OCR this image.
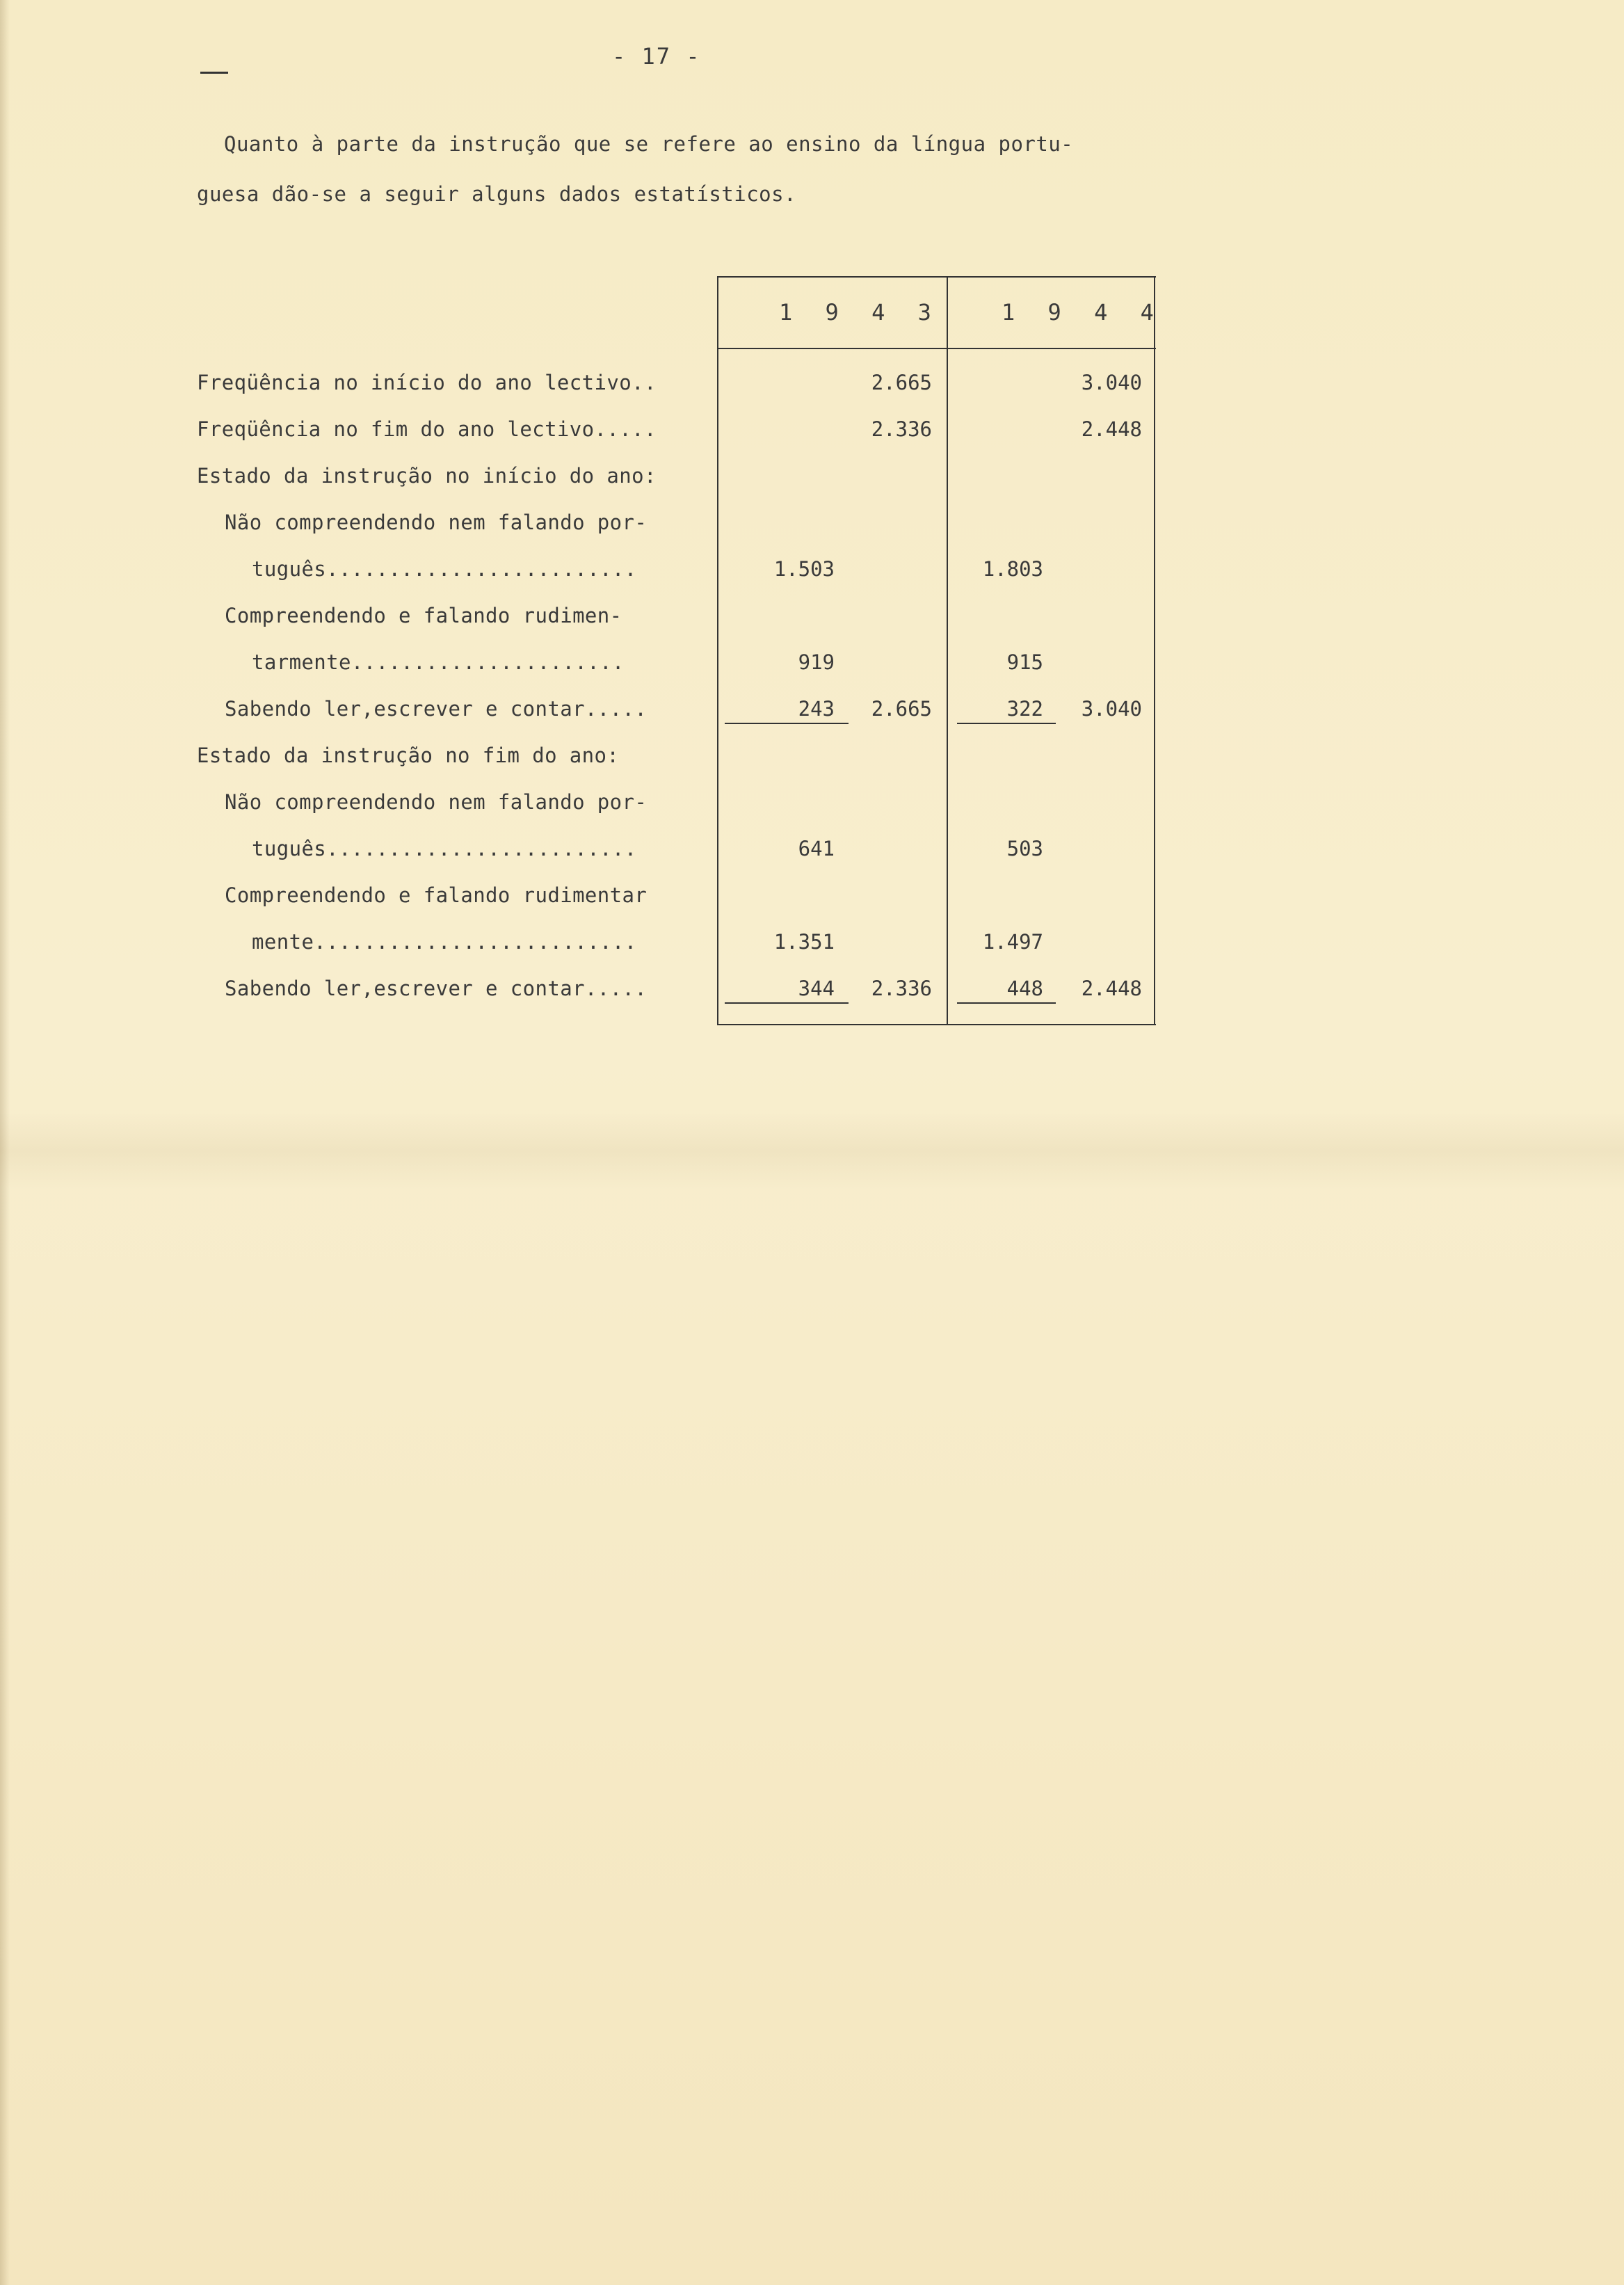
- 17 -
Quanto à parte da instrução que se refere ao ensino da língua portu-
guesa dão-se a seguir alguns dados estatísticos.
1 9 4 3	1 9 4 4
Freqüência no início do ano lectivo..
Freqüência no fim do ano lectivo.....
Estado da instrução no início do ano:
Não compreendendo nem falando por-
tuguês.........................
Compreendendo e falando rudimen-
tarmente......................
Sabendo ler,escrever e contar.....
Estado da instrução no fim do ano:
Não compreendendo nem falando por-
tuguês.........................
Compreendendo e falando rudimentar
mente..........................
Sabendo ler,escrever e contar.....
2.665
2.336
2.665
2.336
1.503
919
243
641
1.351
344
3.040
2.448
3.040
2.448
1.803
915
322
503
1.497
448
